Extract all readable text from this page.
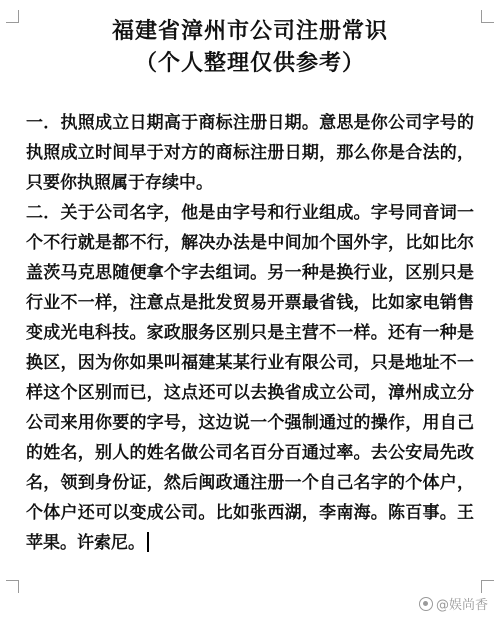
福建省漳州市公司注册常识
（个人整理仅供参考）

一．执照成立日期高于商标注册日期。意思是你公司字号的执照成立时间早于对方的商标注册日期，那么你是合法的，只要你执照属于存续中。

二．关于公司名字，他是由字号和行业组成。字号同音词一个不行就是都不行，解决办法是中间加个国外字，比如比尔盖茨马克思随便拿个字去组词。另一种是换行业，区别只是行业不一样，注意点是批发贸易开票最省钱，比如家电销售变成光电科技。家政服务区别只是主营不一样。还有一种是换区，因为你如果叫福建某某行业有限公司，只是地址不一样这个区别而已，这点还可以去换省成立公司，漳州成立分公司来用你要的字号，这边说一个强制通过的操作，用自己的姓名，别人的姓名做公司名百分百通过率。去公安局先改名，领到身份证，然后闽政通注册一个自己名字的个体户，个体户还可以变成公司。比如张西湖，李南海。陈百事。王苹果。许索尼。

@娱尚香
